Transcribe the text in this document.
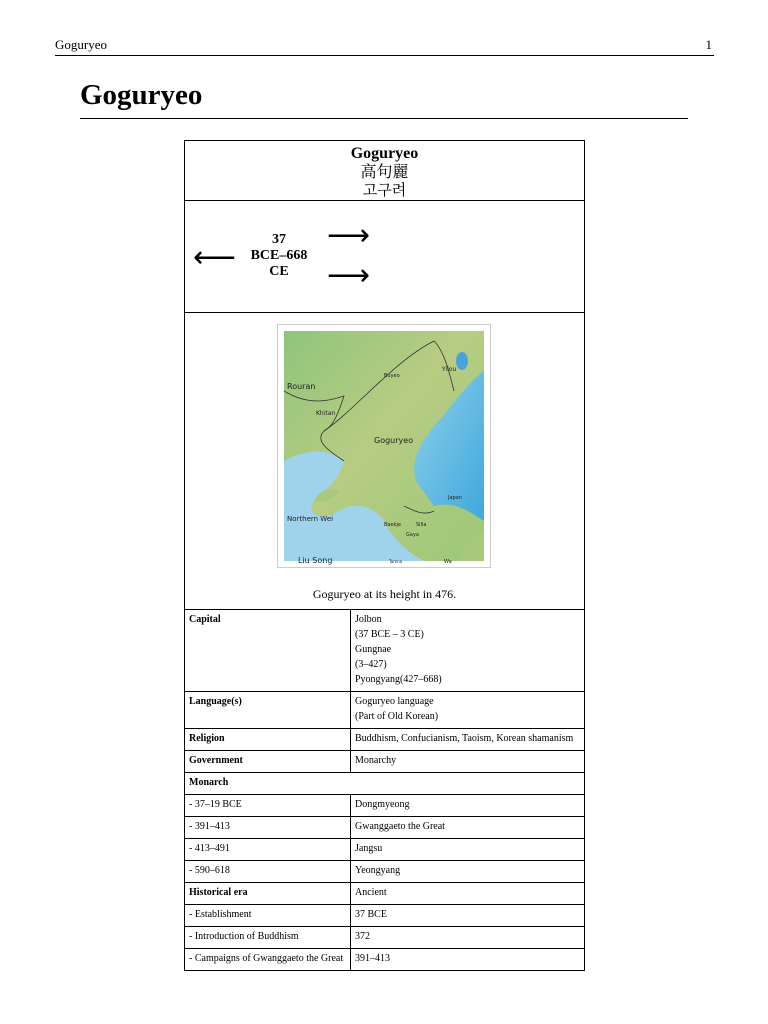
Goguryeo	1
Goguryeo
Goguryeo
高句麗
고구려
⟵
37
BCE–668
CE
⟶
⟶
Rouran
Buyeo
Yilou
Khitan
Goguryeo
Japan
Northern Wei
Baekje	Silla
Gaya
Liu Song	Tamna	Wa
Goguryeo at its height in 476.
Capital	Jolbon
(37 BCE – 3 CE)
Gungnae
(3–427)
Pyongyang(427–668)

Language(s)	Goguryeo language
(Part of Old Korean)

Religion	Buddhism, Confucianism, Taoism, Korean shamanism

Government	Monarchy

Monarch	
- 37–19 BCE	Dongmyeong

- 391–413	Gwanggaeto the Great

- 413–491	Jangsu

- 590–618	Yeongyang

Historical era	Ancient

- Establishment	37 BCE

- Introduction of Buddhism	372

- Campaigns of Gwanggaeto the Great	391–413
